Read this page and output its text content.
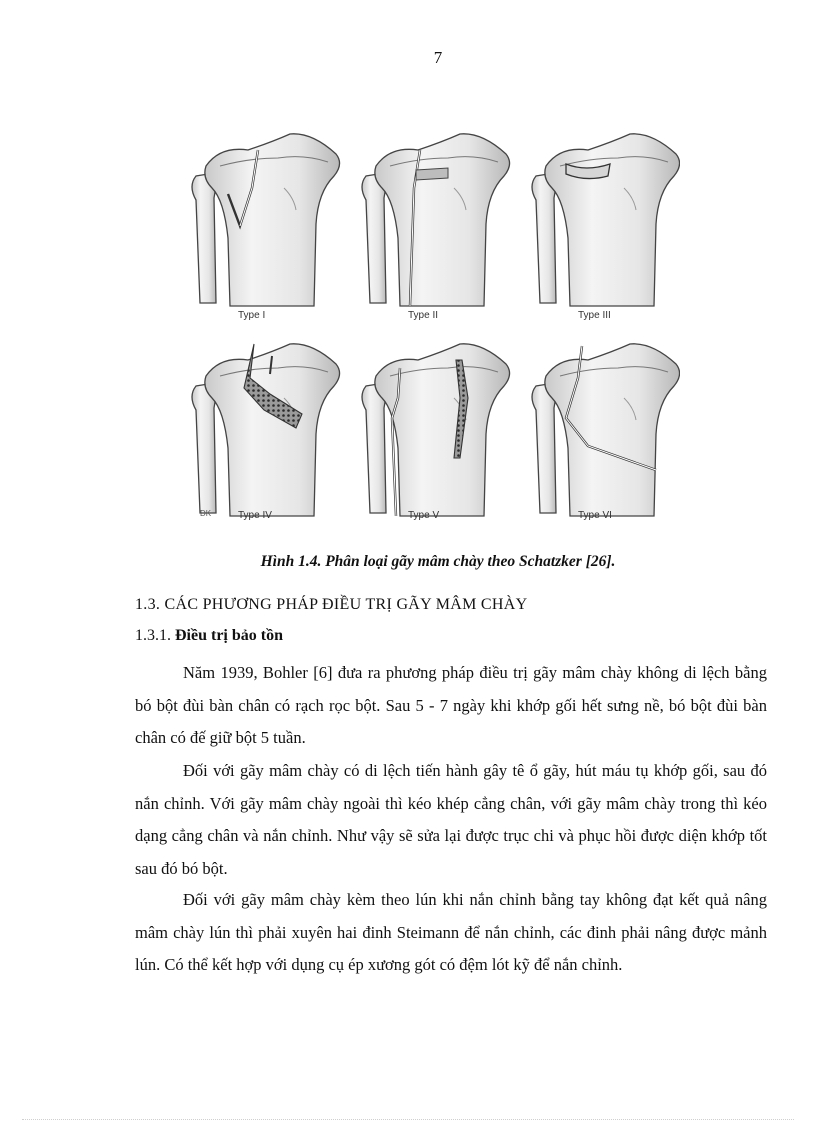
7
Type I	Type II	Type III
Type IV	Type V	Type VI
DK
Hình 1.4. Phân loại gãy mâm chày theo Schatzker [26].
1.3. CÁC PHƯƠNG PHÁP ĐIỀU TRỊ GÃY MÂM CHÀY
1.3.1. Điều trị bảo tồn

Năm 1939, Bohler [6] đưa ra phương pháp điều trị gãy mâm chày không di lệch bằng bó bột đùi bàn chân có rạch rọc bột. Sau 5 - 7 ngày khi khớp gối hết sưng nề, bó bột đùi bàn chân có đế giữ bột 5 tuần.

Đối với gãy mâm chày có di lệch tiến hành gây tê ổ gãy, hút máu tụ khớp gối, sau đó nắn chỉnh. Với gãy mâm chày ngoài thì kéo khép cẳng chân, với gãy mâm chày trong thì kéo dạng cẳng chân và nắn chỉnh. Như vậy sẽ sửa lại được trục chi và phục hồi được diện khớp tốt sau đó bó bột.

Đối với gãy mâm chày kèm theo lún khi nắn chỉnh bằng tay không đạt kết quả nâng mâm chày lún thì phải xuyên hai đinh Steimann để nắn chỉnh, các đinh phải nâng được mảnh lún. Có thể kết hợp với dụng cụ ép xương gót có đệm lót kỹ để nắn chỉnh.
